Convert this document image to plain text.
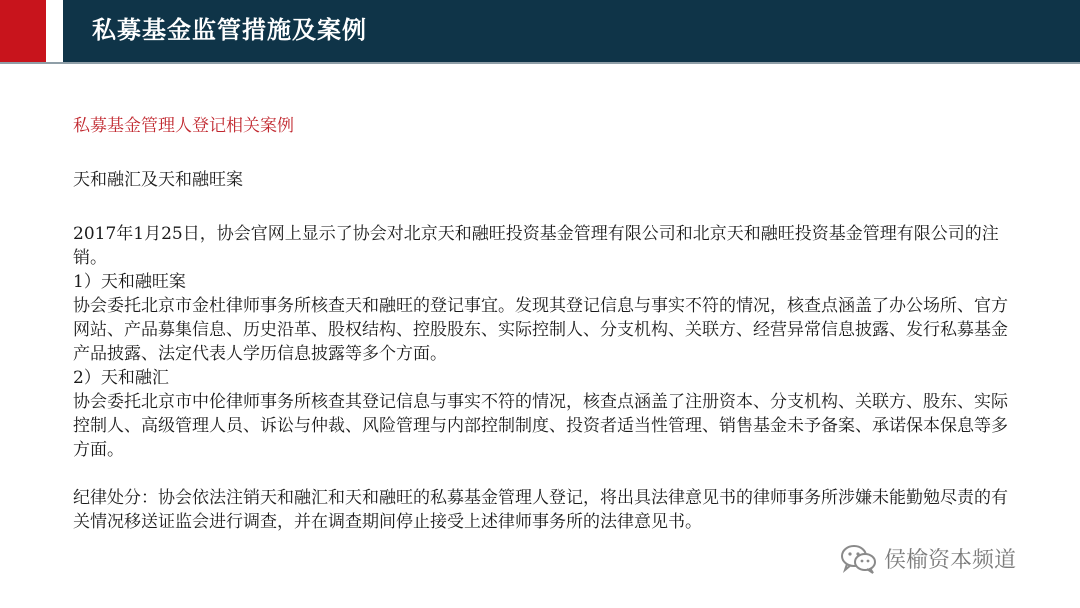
私募基金监管措施及案例

私募基金管理人登记相关案例

天和融汇及天和融旺案

2017年1月25日，协会官网上显示了协会对北京天和融旺投资基金管理有限公司和北京天和融旺投资基金管理有限公司的注销。

1）天和融旺案

协会委托北京市金杜律师事务所核查天和融旺的登记事宜。发现其登记信息与事实不符的情况，核查点涵盖了办公场所、官方网站、产品募集信息、历史沿革、股权结构、控股股东、实际控制人、分支机构、关联方、经营异常信息披露、发行私募基金产品披露、法定代表人学历信息披露等多个方面。

2）天和融汇

协会委托北京市中伦律师事务所核查其登记信息与事实不符的情况，核查点涵盖了注册资本、分支机构、关联方、股东、实际控制人、高级管理人员、诉讼与仲裁、风险管理与内部控制制度、投资者适当性管理、销售基金未予备案、承诺保本保息等多方面。

纪律处分：协会依法注销天和融汇和天和融旺的私募基金管理人登记，将出具法律意见书的律师事务所涉嫌未能勤勉尽责的有关情况移送证监会进行调查，并在调查期间停止接受上述律师事务所的法律意见书。

侯榆资本频道
